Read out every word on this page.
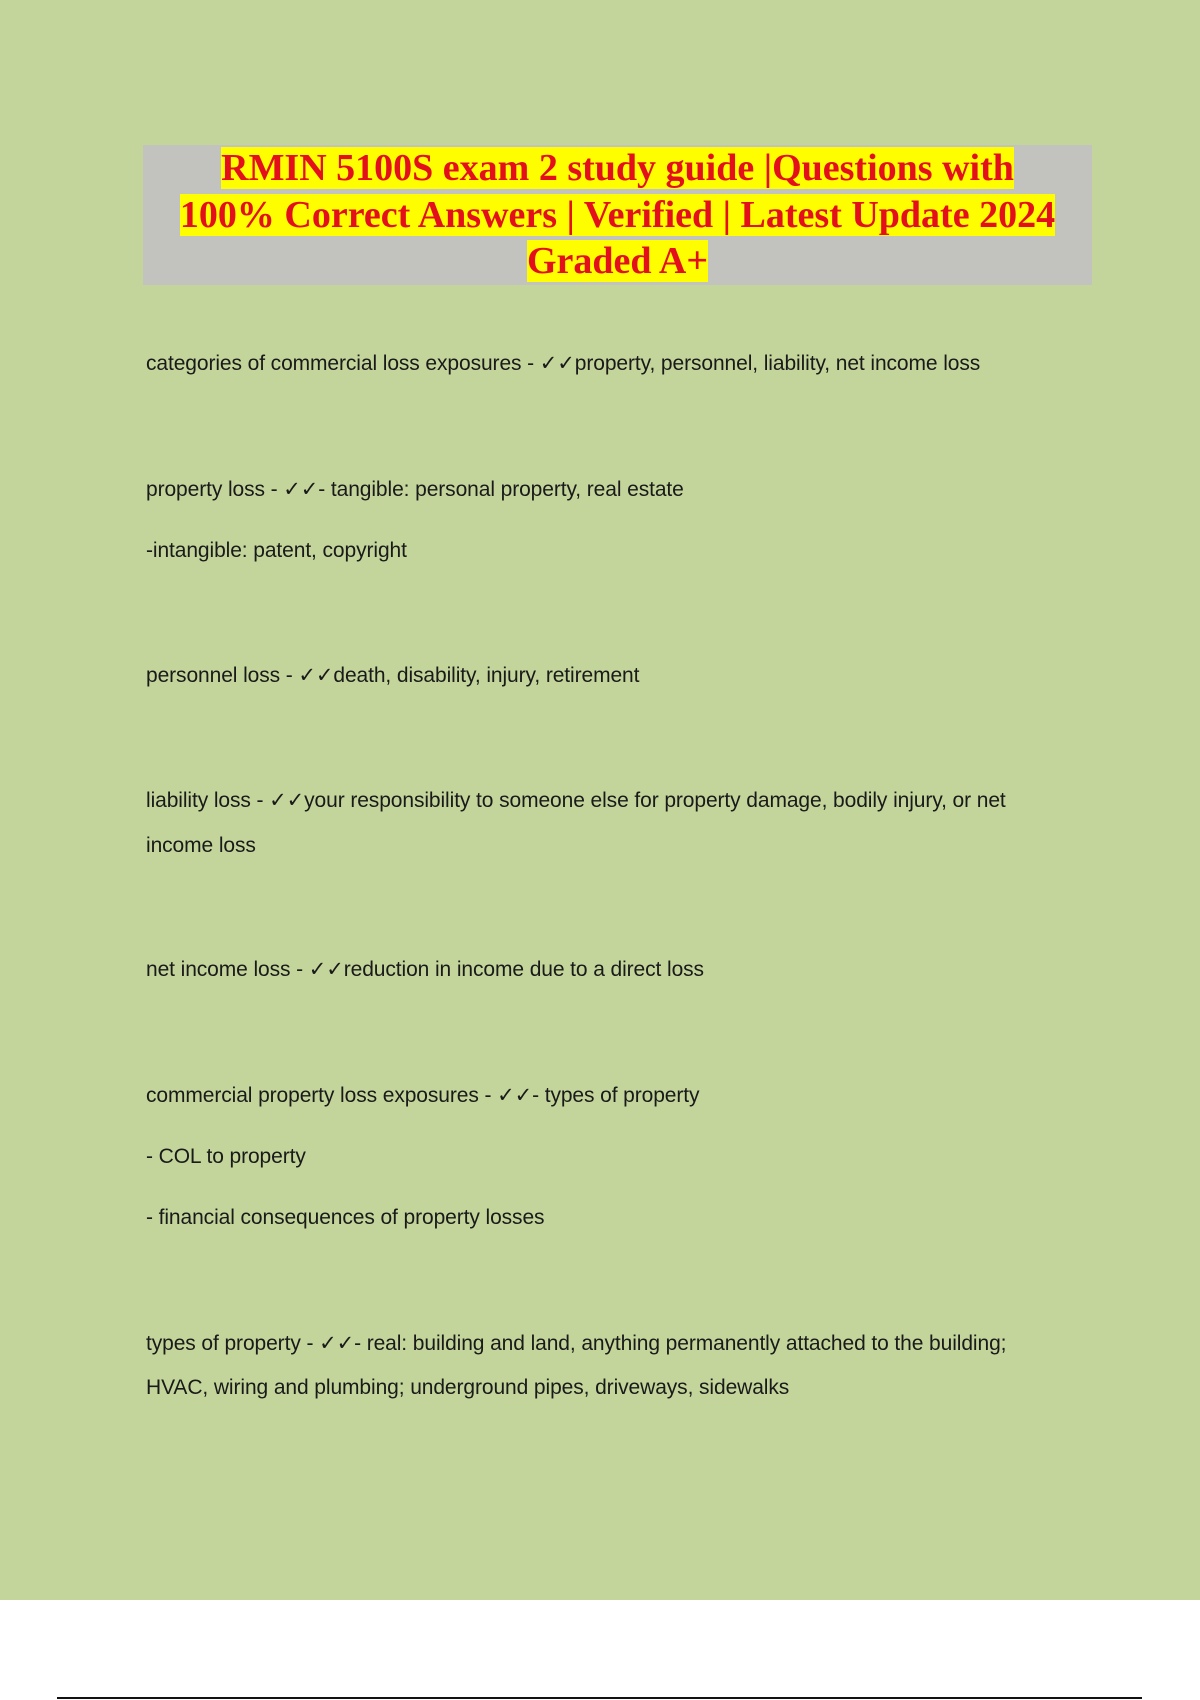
RMIN 5100S exam 2 study guide |Questions with
100% Correct Answers | Verified | Latest Update 2024
Graded A+
categories of commercial loss exposures - ✓✓property, personnel, liability, net income loss
property loss - ✓✓- tangible: personal property, real estate
-intangible: patent, copyright
personnel loss - ✓✓death, disability, injury, retirement
liability loss - ✓✓your responsibility to someone else for property damage, bodily injury, or net
income loss
net income loss - ✓✓reduction in income due to a direct loss
commercial property loss exposures - ✓✓- types of property
- COL to property
- financial consequences of property losses
types of property - ✓✓- real: building and land, anything permanently attached to the building;
HVAC, wiring and plumbing; underground pipes, driveways, sidewalks
